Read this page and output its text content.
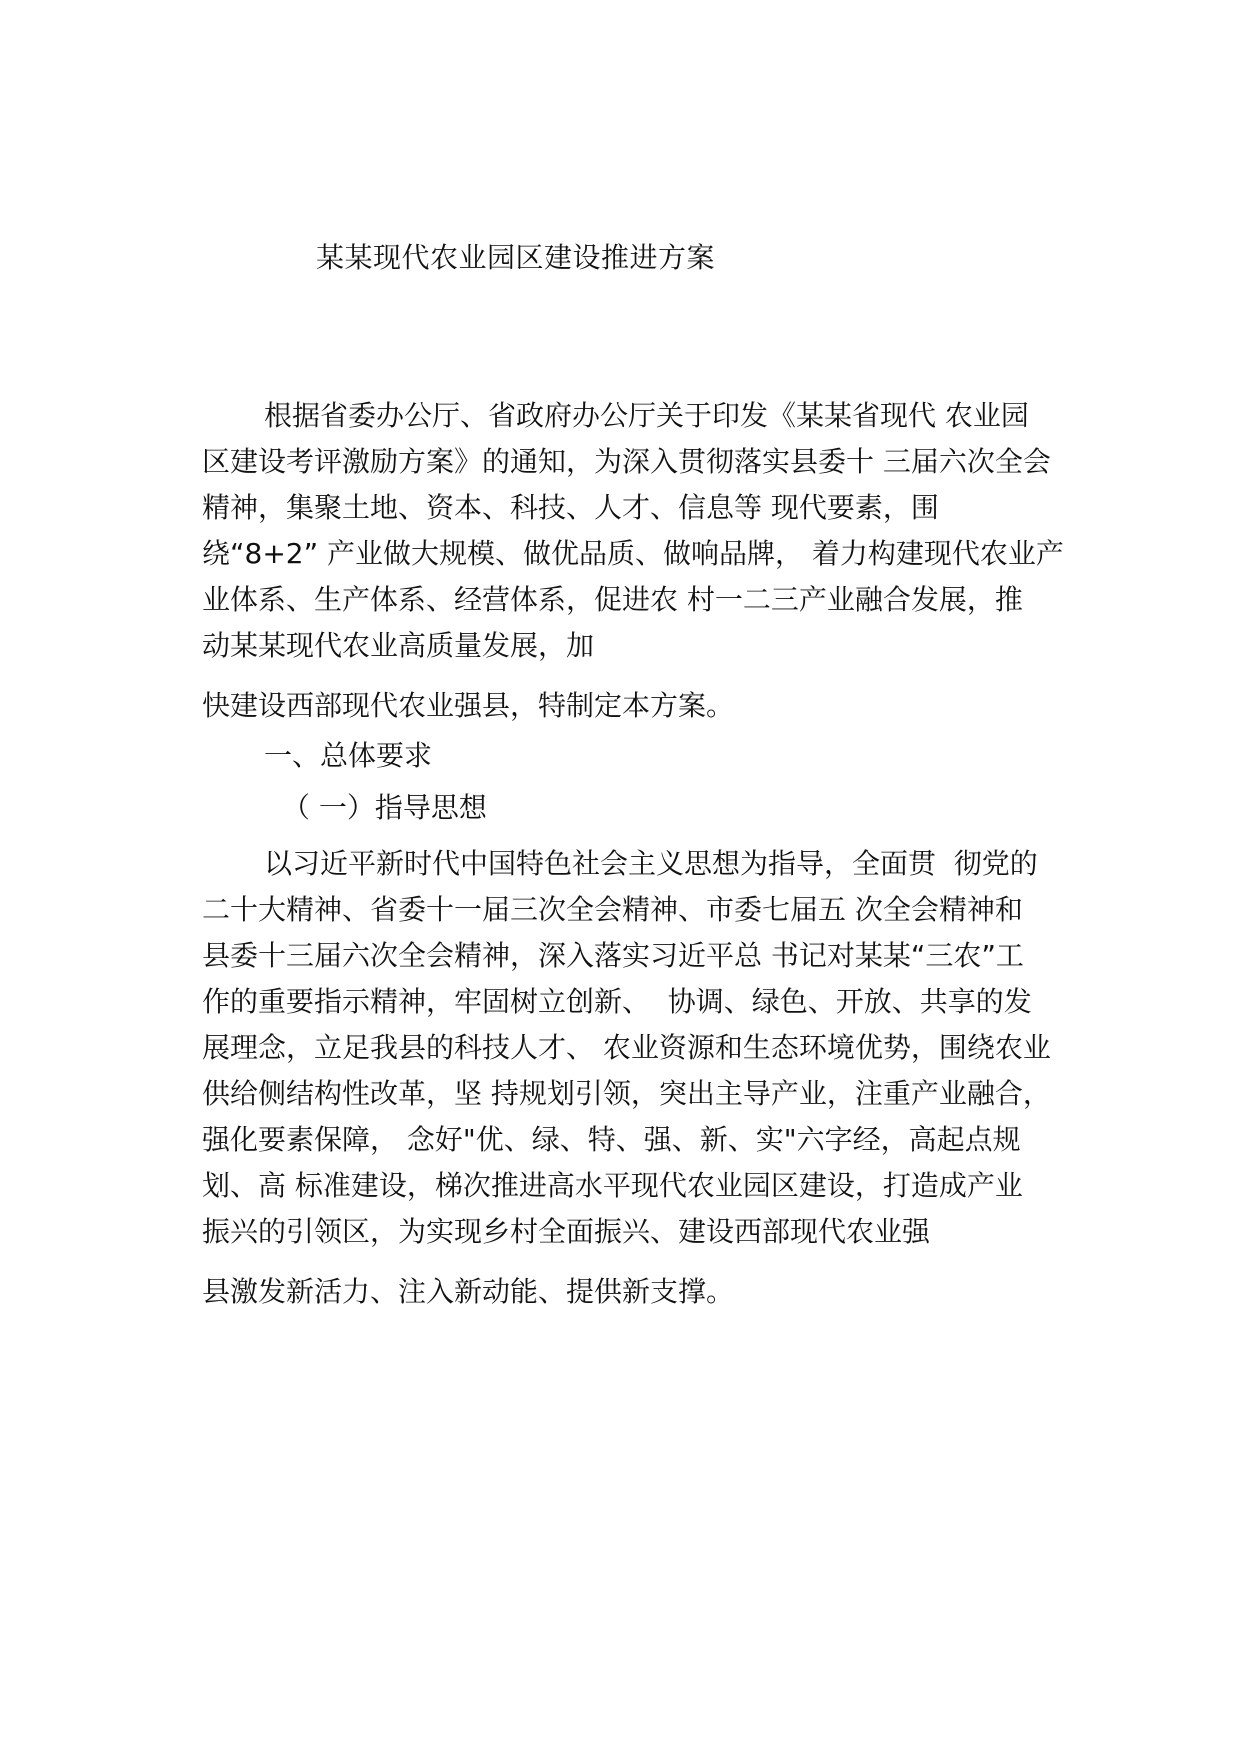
某某现代农业园区建设推进方案
根据省委办公厅、省政府办公厅关于印发《某某省现代 农业园
区建设考评激励方案》的通知，为深入贯彻落实县委十 三届六次全会
精神，集聚土地、资本、科技、人才、信息等 现代要素，围
绕“8+2” 产业做大规模、做优品质、做响品牌， 着力构建现代农业产
业体系、生产体系、经营体系，促进农 村一二三产业融合发展，推
动某某现代农业高质量发展，加
快建设西部现代农业强县，特制定本方案。
一、总体要求
（ 一）指导思想
以习近平新时代中国特色社会主义思想为指导，全面贯  彻党的
二十大精神、省委十一届三次全会精神、市委七届五 次全会精神和
县委十三届六次全会精神，深入落实习近平总 书记对某某“三农”工
作的重要指示精神，牢固树立创新、  协调、绿色、开放、共享的发
展理念，立足我县的科技人才、 农业资源和生态环境优势，围绕农业
供给侧结构性改革，坚 持规划引领，突出主导产业，注重产业融合，
强化要素保障， 念好"优、绿、特、强、新、实"六字经，高起点规
划、高 标准建设，梯次推进高水平现代农业园区建设，打造成产业
振兴的引领区，为实现乡村全面振兴、建设西部现代农业强
县激发新活力、注入新动能、提供新支撑。
